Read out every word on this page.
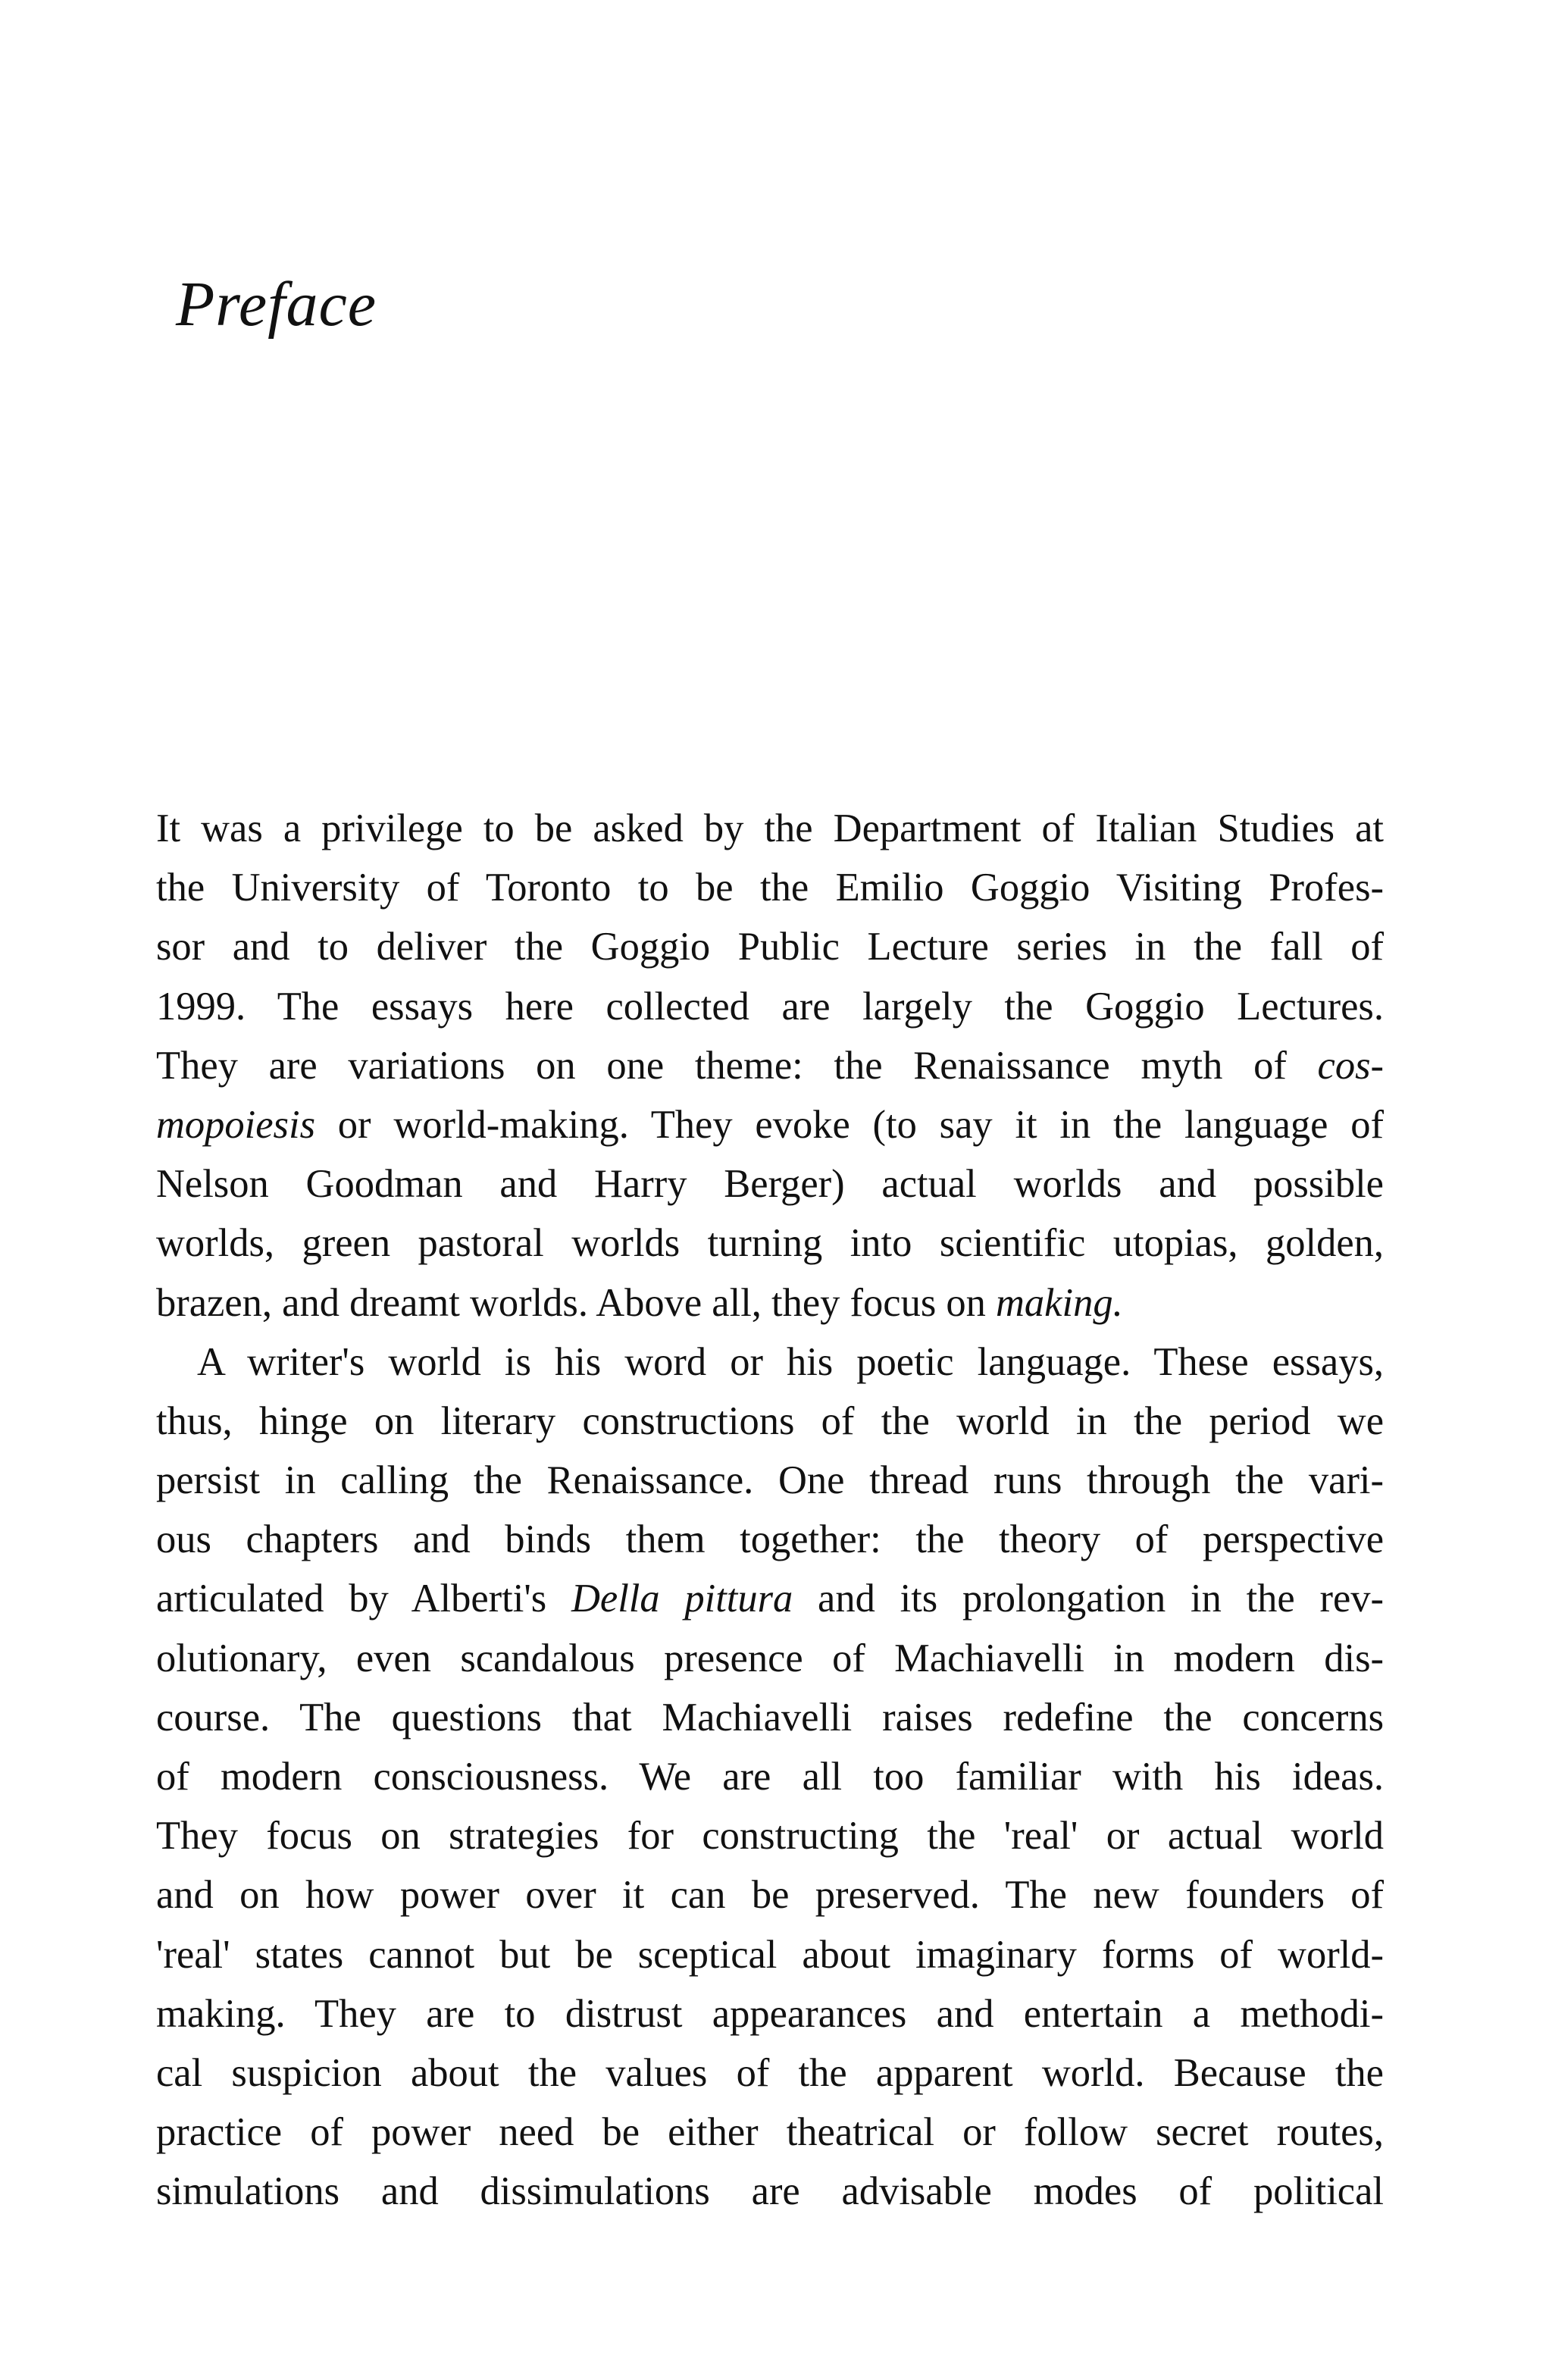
Preface
It was a privilege to be asked by the Department of Italian Studies at
the University of Toronto to be the Emilio Goggio Visiting Profes-
sor and to deliver the Goggio Public Lecture series in the fall of
1999. The essays here collected are largely the Goggio Lectures.
They are variations on one theme: the Renaissance myth of cos-
mopoiesis or world-making. They evoke (to say it in the language of
Nelson Goodman and Harry Berger) actual worlds and possible
worlds, green pastoral worlds turning into scientific utopias, golden,
brazen, and dreamt worlds. Above all, they focus on making.
A writer's world is his word or his poetic language. These essays,
thus, hinge on literary constructions of the world in the period we
persist in calling the Renaissance. One thread runs through the vari-
ous chapters and binds them together: the theory of perspective
articulated by Alberti's Della pittura and its prolongation in the rev-
olutionary, even scandalous presence of Machiavelli in modern dis-
course. The questions that Machiavelli raises redefine the concerns
of modern consciousness. We are all too familiar with his ideas.
They focus on strategies for constructing the 'real' or actual world
and on how power over it can be preserved. The new founders of
'real' states cannot but be sceptical about imaginary forms of world-
making. They are to distrust appearances and entertain a methodi-
cal suspicion about the values of the apparent world. Because the
practice of power need be either theatrical or follow secret routes,
simulations and dissimulations are advisable modes of political
